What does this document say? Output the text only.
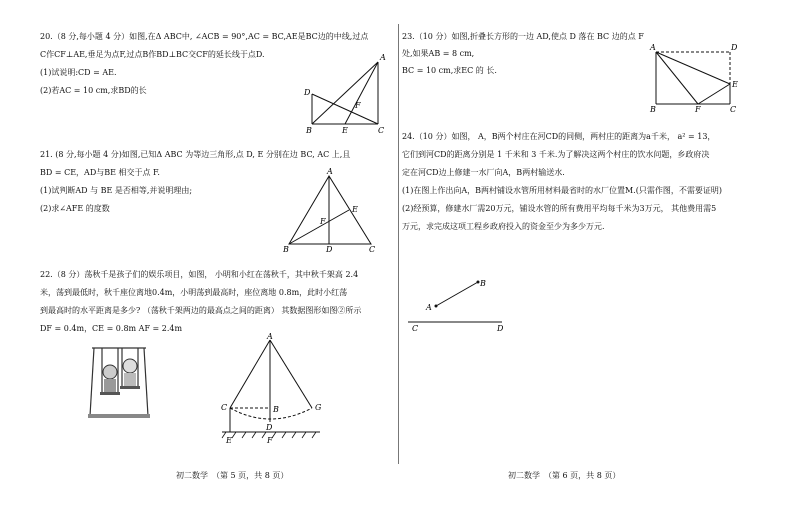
20.（8 分,每小题 4 分）如图,在Δ ABC中, ∠ACB = 90°,AC = BC,AE是BC边的中线,过点

C作CF⊥AE,垂足为点F,过点B作BD⊥BC交CF的延长线于点D.

(1)试说明:CD = AE.

(2)若AC = 10 cm,求BD的长

A
D
F
B	E	C

21. (8 分,每小题 4 分)如图,已知Δ ABC 为等边三角形,点 D, E 分别在边 BC, AC 上,且

BD = CE，AD与BE 相交于点 F.

(1)试判断AD 与 BE 是否相等,并说明理由;

(2)求∠AFE 的度数

A
E
F
B	D	C

22.（8 分）荡秋千是孩子们的娱乐项目，如图， 小明和小红在荡秋千，其中秋千架高 2.4

米，荡到最低时，秋千座位离地0.4m，小明荡到最高时，座位离地 0.8m，此时小红荡

到最高时的水平距离是多少? （荡秋千架两边的最高点之间的距离） 其数据图形如图②所示

DF = 0.4m，CE = 0.8m AF = 2.4m

A
C	B	G
E
D
F
初二数学　（第 5 页，共 8 页）

23.（10 分）如图,折叠长方形的一边 AD,使点 D 落在 BC 边的点 F处,如果AB = 8 cm,

BC = 10 cm,求EC 的 长.

A	D
E
B	F	C

24.（10 分）如图， A，B两个村庄在河CD的同侧，两村庄的距离为a千米， a² = 13，

它们到河CD的距离分别是 1 千米和 3 千米.为了解决这两个村庄的饮水问题，乡政府决

定在河CD边上修建一水厂向A，B两村输送水.

(1)在图上作出向A，B两村铺设水管所用材料最省时的水厂位置M.(只需作图，不需要证明)

(2)经预算，修建水厂需20万元，铺设水管的所有费用平均每千米为3万元， 其他费用需5

万元，求完成这项工程乡政府投入的资金至少为多少万元.

A
B
C	D
初二数学　（第 6 页，共 8 页）
